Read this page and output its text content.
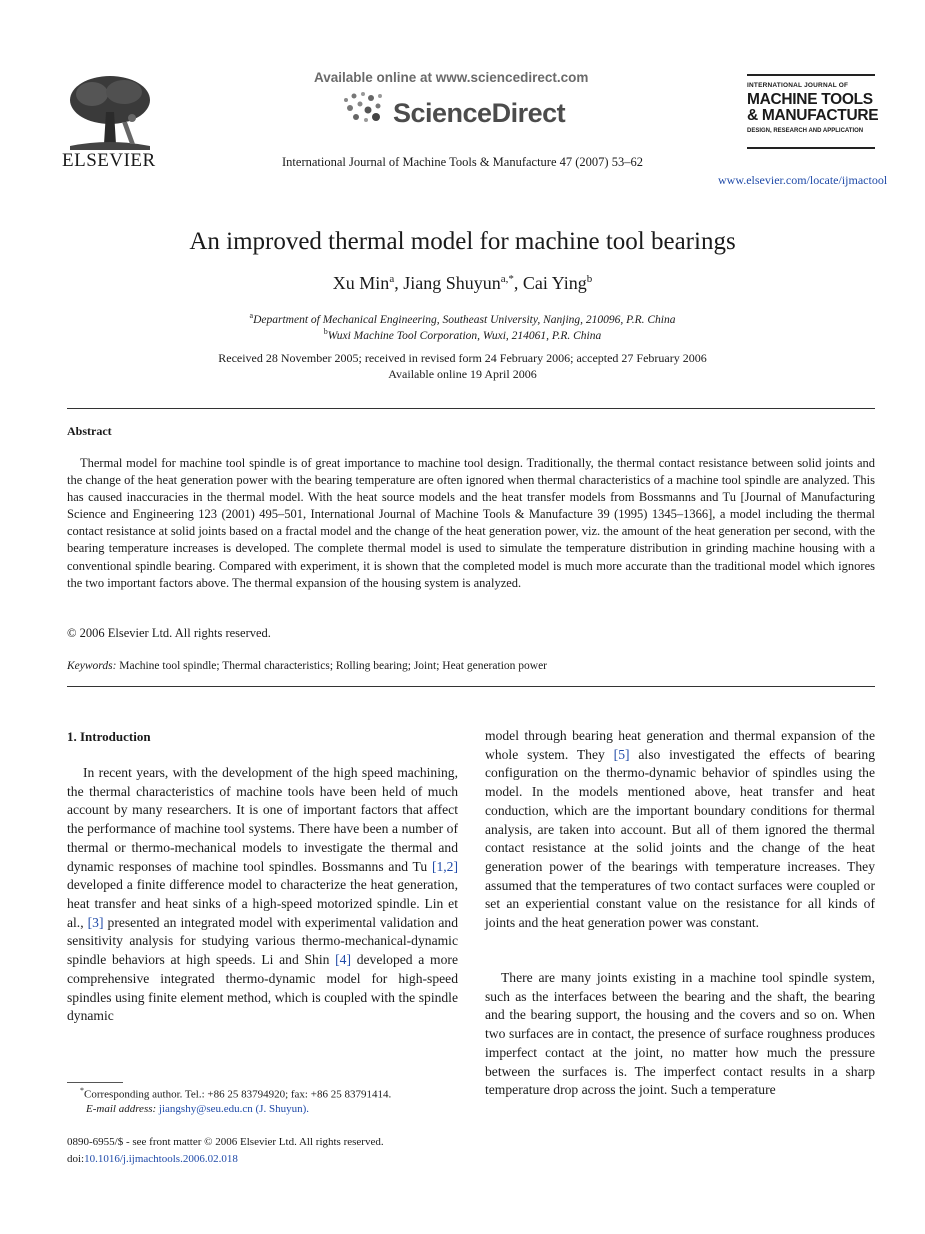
ELSEVIER
Available online at www.sciencedirect.com
ScienceDirect
International Journal of Machine Tools & Manufacture 47 (2007) 53–62
INTERNATIONAL JOURNAL OF
MACHINE TOOLS
& MANUFACTURE
DESIGN, RESEARCH AND APPLICATION
www.elsevier.com/locate/ijmactool
An improved thermal model for machine tool bearings
Xu Min$^a$, Jiang Shuyun$^{a,*}$, Cai Ying$^b$
$^a$Department of Mechanical Engineering, Southeast University, Nanjing, 210096, P.R. China
$^b$Wuxi Machine Tool Corporation, Wuxi, 214061, P.R. China
Received 28 November 2005; received in revised form 24 February 2006; accepted 27 February 2006
Available online 19 April 2006
Abstract
Thermal model for machine tool spindle is of great importance to machine tool design. Traditionally, the thermal contact resistance between solid joints and the change of the heat generation power with the bearing temperature are often ignored when thermal characteristics of a machine tool spindle are analyzed. This has caused inaccuracies in the thermal model. With the heat source models and the heat transfer models from Bossmanns and Tu [Journal of Manufacturing Science and Engineering 123 (2001) 495–501, International Journal of Machine Tools & Manufacture 39 (1995) 1345–1366], a model including the thermal contact resistance at solid joints based on a fractal model and the change of the heat generation power, viz. the amount of the heat generation per second, with the bearing temperature increases is developed. The complete thermal model is used to simulate the temperature distribution in grinding machine housing with a conventional spindle bearing. Compared with experiment, it is shown that the completed model is much more accurate than the traditional model which ignores the two important factors above. The thermal expansion of the housing system is analyzed.
© 2006 Elsevier Ltd. All rights reserved.
Keywords: Machine tool spindle; Thermal characteristics; Rolling bearing; Joint; Heat generation power
1. Introduction
In recent years, with the development of the high speed machining, the thermal characteristics of machine tools have been held of much account by many researchers. It is one of important factors that affect the performance of machine tool systems. There have been a number of thermal or thermo-mechanical models to investigate the thermal and dynamic responses of machine tool spindles. Bossmanns and Tu [1,2] developed a finite difference model to characterize the heat generation, heat transfer and heat sinks of a high-speed motorized spindle. Lin et al., [3] presented an integrated model with experimental validation and sensitivity analysis for studying various thermo-mechanical-dynamic spindle behaviors at high speeds. Li and Shin [4] developed a more comprehensive integrated thermo-dynamic model for high-speed spindles using finite element method, which is coupled with the spindle dynamic
model through bearing heat generation and thermal expansion of the whole system. They [5] also investigated the effects of bearing configuration on the thermo-dynamic behavior of spindles using the model. In the models mentioned above, heat transfer and heat conduction, which are the important boundary conditions for thermal analysis, are taken into account. But all of them ignored the thermal contact resistance at the solid joints and the change of the heat generation power of the bearings with temperature increases. They assumed that the temperatures of two contact surfaces were coupled or set an experiential constant value on the resistance for all kinds of joints and the heat generation power was constant.
There are many joints existing in a machine tool spindle system, such as the interfaces between the bearing and the shaft, the bearing and the bearing support, the housing and the covers and so on. When two surfaces are in contact, the presence of surface roughness produces imperfect contact at the joint, no matter how much the pressure between the surfaces is. The imperfect contact results in a sharp temperature drop across the joint. Such a temperature
*Corresponding author. Tel.: +86 25 83794920; fax: +86 25 83791414.
E-mail address: jiangshy@seu.edu.cn (J. Shuyun).
0890-6955/$ - see front matter © 2006 Elsevier Ltd. All rights reserved.
doi:10.1016/j.ijmachtools.2006.02.018
